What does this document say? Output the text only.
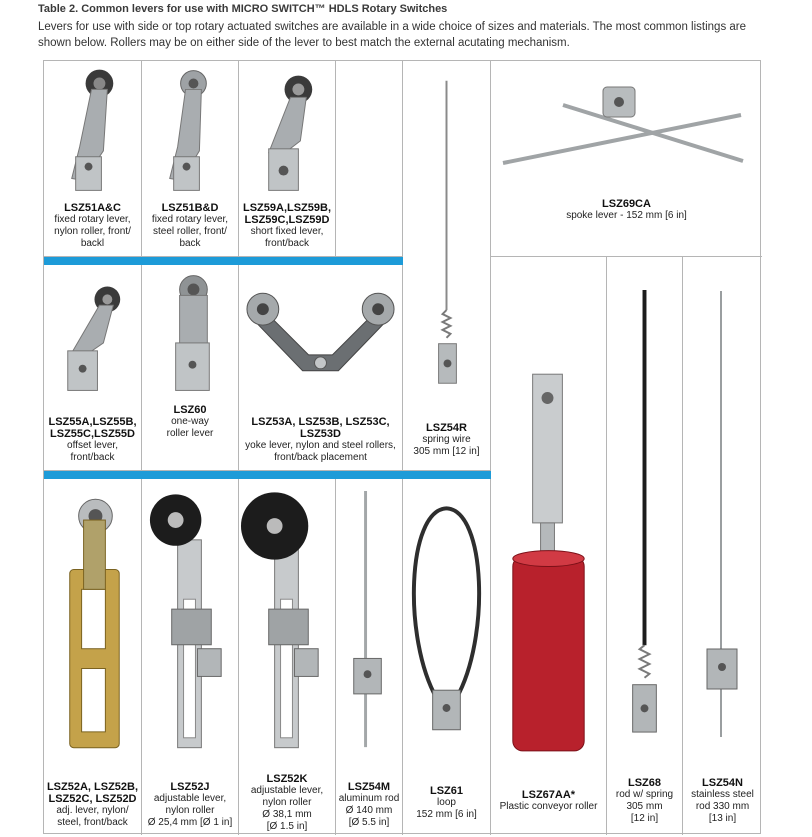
Table 2. Common levers for use with MICRO SWITCH™ HDLS Rotary Switches
Levers for use with side or top rotary actuated switches are available in a wide choice of sizes and materials. The most common listings are shown below. Rollers may be on either side of the lever to best match the external acutating mechanism.
LSZ51A&C
fixed rotary lever,
nylon roller, front/
backl
LSZ51B&D
fixed rotary lever,
steel roller, front/
back
LSZ59A,LSZ59B,
LSZ59C,LSZ59D
short fixed lever,
front/back
LSZ54R
spring wire
305 mm [12 in]
LSZ69CA
spoke lever - 152 mm [6 in]
LSZ55A,LSZ55B,
LSZ55C,LSZ55D
offset lever,
front/back
LSZ60
one-way
roller lever
LSZ53A, LSZ53B, LSZ53C,
LSZ53D
yoke lever, nylon and steel rollers,
front/back placement
LSZ52A, LSZ52B,
LSZ52C, LSZ52D
adj. lever, nylon/
steel, front/back
LSZ52J
adjustable lever,
nylon roller
Ø 25,4 mm [Ø 1 in]
LSZ52K
adjustable lever,
nylon roller
Ø 38,1 mm
[Ø 1.5 in]
LSZ54M
aluminum rod
Ø 140 mm
[Ø 5.5 in]
LSZ61
loop
152 mm [6 in]
LSZ67AA*
Plastic conveyor roller
LSZ68
rod w/ spring
305 mm
[12 in]
LSZ54N
stainless steel
rod 330 mm
[13 in]
